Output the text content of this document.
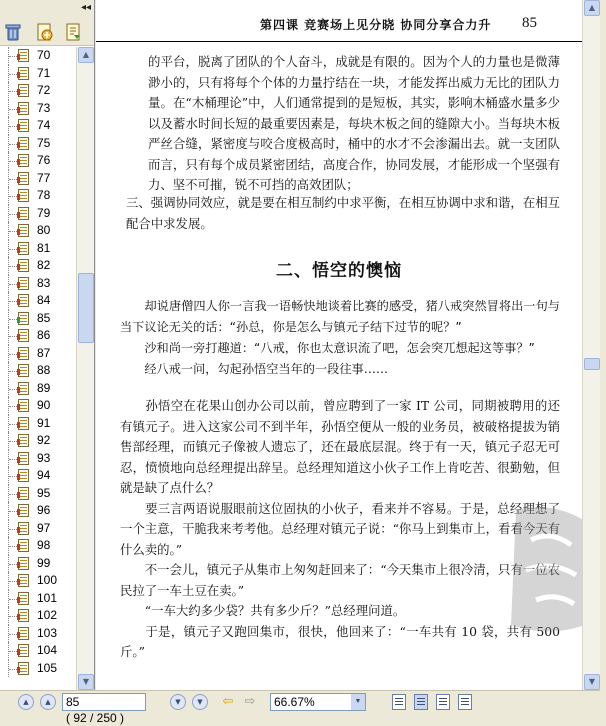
◂◂
70
71
72
73
74
75
76
77
78
79
80
81
82
83
84
85
86
87
88
89
90
91
92
93
94
95
96
97
98
99
100
101
102
103
104
105
▲
▼
第四课 竞赛场上见分晓 协同分享合力升 85
的平台，脱离了团队的个人奋斗，成就是有限的。因为个人的力量也是微薄渺小的，只有将每个个体的力量拧结在一块，才能发挥出威力无比的团队力量。在“木桶理论”中，人们通常提到的是短板，其实，影响木桶盛水量多少以及蓄水时间长短的最重要因素是，每块木板之间的缝隙大小。当每块木板严丝合缝，紧密度与咬合度极高时，桶中的水才不会渗漏出去。就一支团队而言，只有每个成员紧密团结，高度合作，协同发展，才能形成一个坚强有力、坚不可摧，锐不可挡的高效团队；
三、强调协同效应，就是要在相互制约中求平衡，在相互协调中求和谐，在相互配合中求发展。
二、悟空的懊恼
　　却说唐僧四人你一言我一语畅快地谈着比赛的感受，猪八戒突然冒将出一句与当下议论无关的话：“孙总，你是怎么与镇元子结下过节的呢？”
　　沙和尚一旁打趣道：“八戒，你也太意识流了吧，怎会突兀想起这等事？”
　　经八戒一问，勾起孙悟空当年的一段往事……
　　孙悟空在花果山创办公司以前，曾应聘到了一家 IT 公司，同期被聘用的还有镇元子。进入这家公司不到半年，孙悟空便从一般的业务员，被破格提拔为销售部经理，而镇元子像被人遗忘了，还在最底层混。终于有一天，镇元子忍无可忍，愤愤地向总经理提出辞呈。总经理知道这小伙子工作上肯吃苦、很勤勉，但就是缺了点什么？
　　要三言两语说服眼前这位固执的小伙子，看来并不容易。于是，总经理想了一个主意，干脆我来考考他。总经理对镇元子说：“你马上到集市上，看看今天有什么卖的。”
　　不一会儿，镇元子从集市上匆匆赶回来了：“今天集市上很冷清，只有一位农民拉了一车土豆在卖。”
　　“一车大约多少袋？共有多少斤？”总经理问道。
　　于是，镇元子又跑回集市，很快，他回来了：“一车共有 10 袋，共有  斤。”
▲
▼
▲	▲	85   ( 92 / 250 )
▼	▼	⇦ ⇨	66.67%	▼
